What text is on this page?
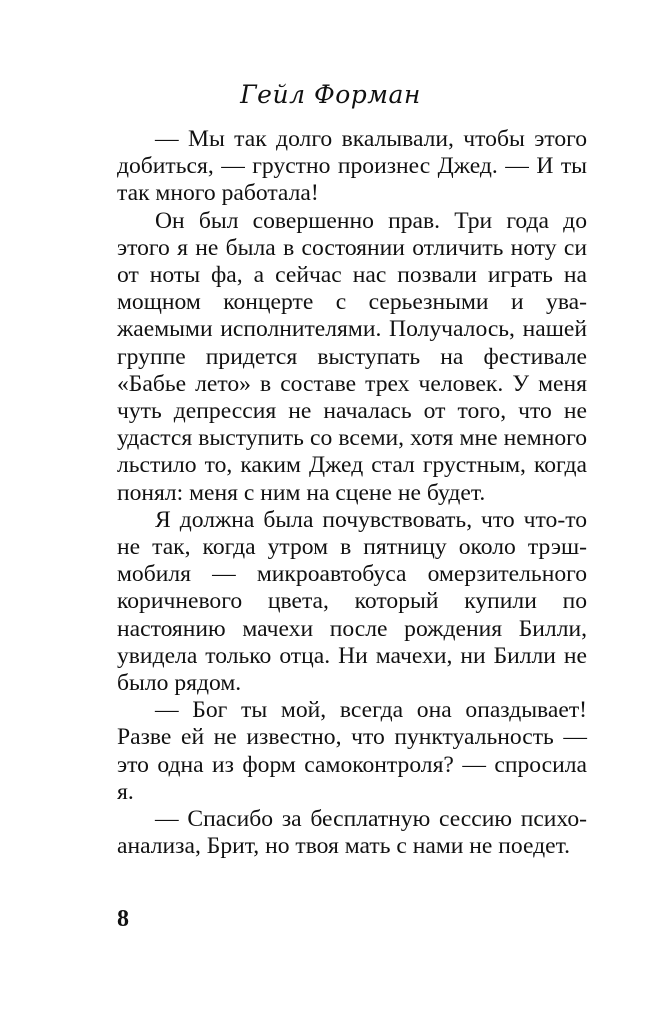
Гейл Форман

— Мы так долго вкалывали, чтобы этого добиться, — грустно произнес Джед. — И ты так много работала!

Он был совершенно прав. Три года до этого я не была в состоянии отличить ноту си от ноты фа, а сейчас нас позвали играть на мощном концерте с серьезными и уважаемыми исполнителями. Получалось, нашей группе придется выступать на фестивале «Бабье лето» в составе трех человек. У меня чуть депрессия не началась от того, что не удастся выступить со всеми, хотя мне немного льстило то, каким Джед стал грустным, когда понял: меня с ним на сцене не будет.

Я должна была почувствовать, что что-то не так, когда утром в пятницу около трэш-мобиля — микроавтобуса омерзительного коричневого цвета, который купили по настоянию мачехи после рождения Билли, увидела только отца. Ни мачехи, ни Билли не было рядом.

— Бог ты мой, всегда она опаздывает! Разве ей не известно, что пунктуальность — это одна из форм самоконтроля? — спросила я.

— Спасибо за бесплатную сессию психоанализа, Брит, но твоя мать с нами не поедет.

8
